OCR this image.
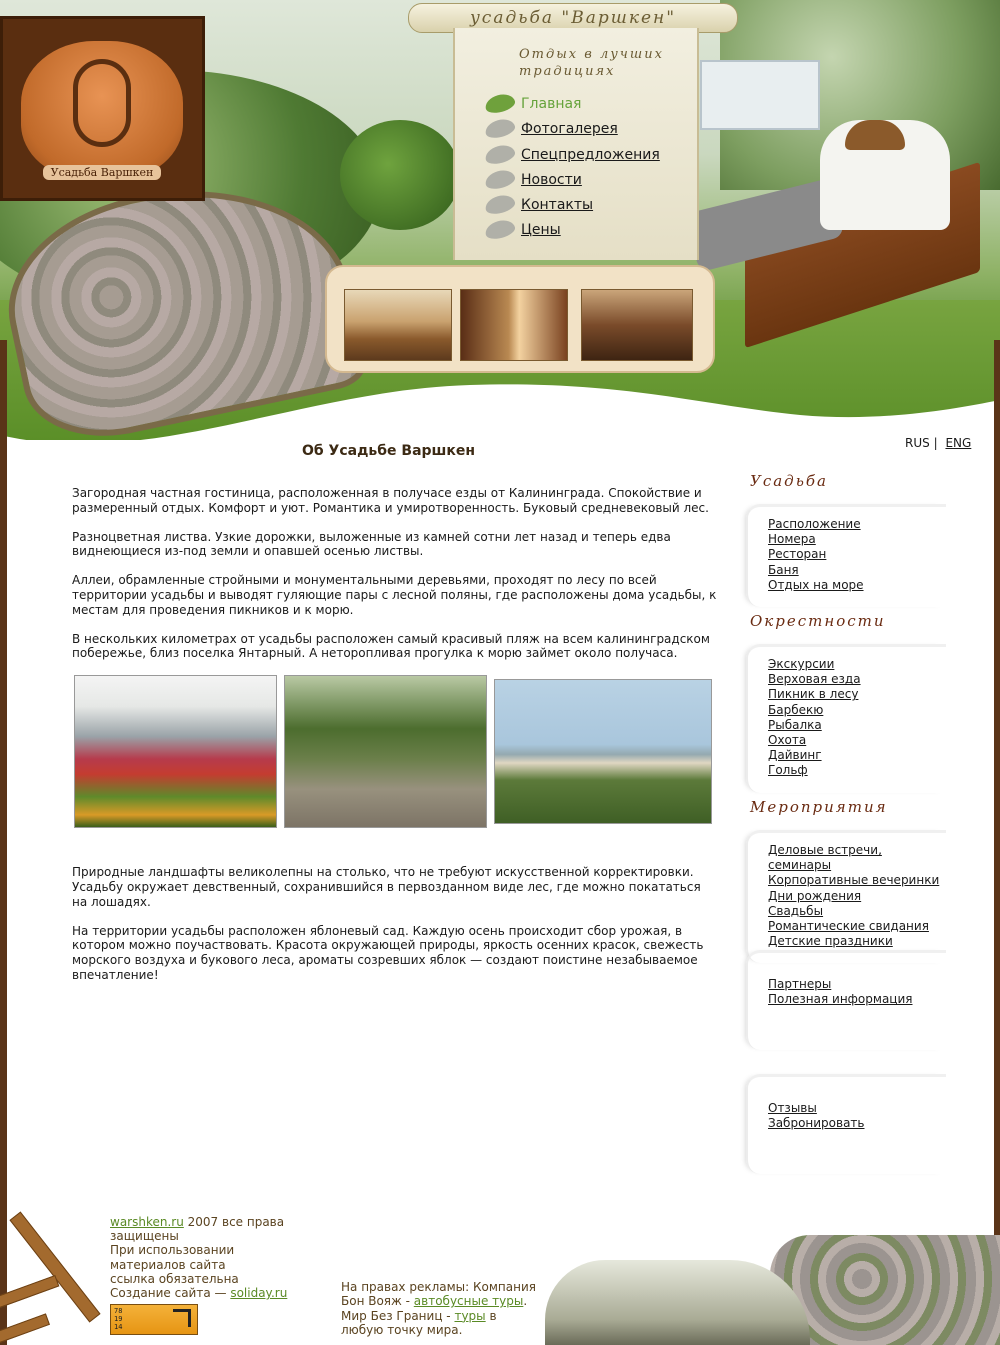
Усадьба Варшкен
усадьба "Варшкен"
Отдых в лучших традициях
Главная
Фотогалерея
Спецпредложения
Новости
Контакты
Цены
RUS | ENG
Об Усадьбе Варшкен

Загородная частная гостиница, расположенная в получасе езды от Калининграда. Спокойствие и размеренный отдых. Комфорт и уют. Романтика и умиротворенность. Буковый средневековый лес.

Разноцветная листва. Узкие дорожки, выложенные из камней сотни лет назад и теперь едва виднеющиеся из-под земли и опавшей осенью листвы.

Аллеи, обрамленные стройными и монументальными деревьями, проходят по лесу по всей территории усадьбы и выводят гуляющие пары с лесной поляны, где расположены дома усадьбы, к местам для проведения пикников и к морю.

В нескольких километрах от усадьбы расположен самый красивый пляж на всем калининградском побережье, близ поселка Янтарный. А неторопливая прогулка к морю займет около получаса.

Природные ландшафты великолепны на столько, что не требуют искусственной корректировки. Усадьбу окружает девственный, сохранившийся в первозданном виде лес, где можно покататься на лошадях.

На территории усадьбы расположен яблоневый сад. Каждую осень происходит сбор урожая, в котором можно поучаствовать. Красота окружающей природы, яркость осенних красок, свежесть морского воздуха и букового леса, ароматы созревших яблок — создают поистине незабываемое впечатление!

Усадьба
Расположение
Номера
Ресторан
Баня
Отдых на море
Окрестности
Экскурсии
Верховая езда
Пикник в лесу
Барбекю
Рыбалка
Охота
Дайвинг
Гольф
Мероприятия
Деловые встречи, семинары
Корпоративные вечеринки
Дни рождения
Свадьбы
Романтические свидания
Детские праздники
Партнеры
Полезная информация
Отзывы
Забронировать
warshken.ru 2007 все права защищены
При использовании материалов сайта
ссылка обязательна
Создание сайта — soliday.ru
78
19
14
На правах рекламы: Компания Бон Вояж - автобусные туры. Мир Без Границ - туры в любую точку мира.
